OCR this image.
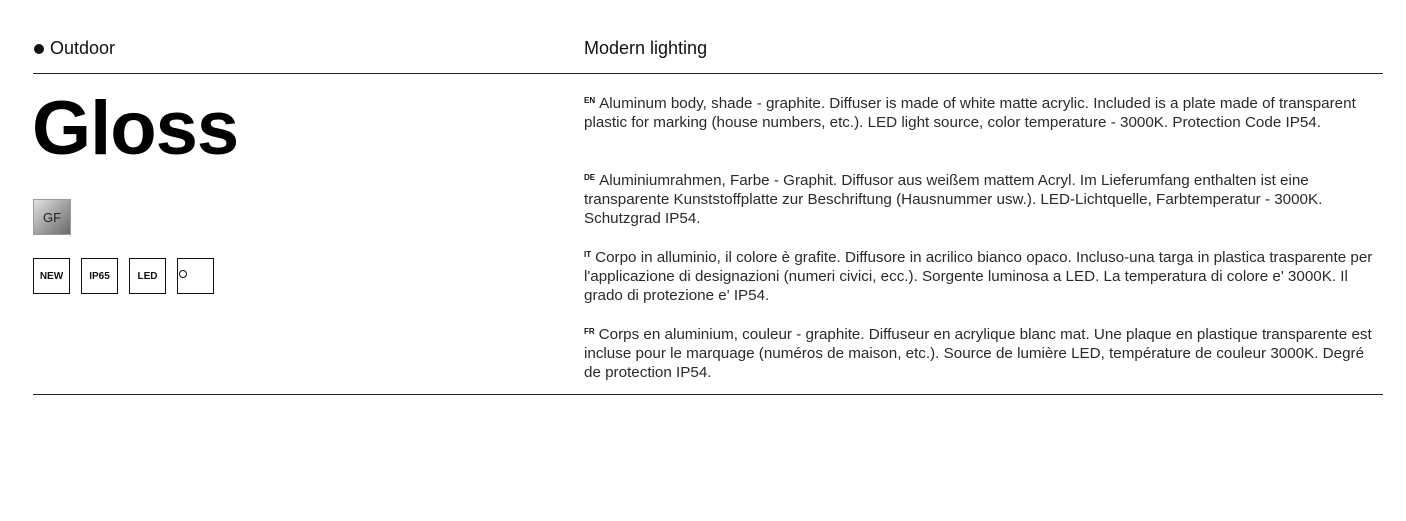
Outdoor	Modern lighting
Gloss
GF
NEW	IP65	LED

$^{EN}$ Aluminum body, shade - graphite. Diffuser is made of white matte acrylic. Included is a plate made of transparent plastic for marking (house numbers, etc.). LED light source, color temperature - 3000K. Protection Code IP54.

$^{DE}$ Aluminiumrahmen, Farbe - Graphit. Diffusor aus weißem mattem Acryl. Im Lieferumfang enthalten ist eine transparente Kunststoffplatte zur Beschriftung (Hausnummer usw.). LED-Lichtquelle, Farbtemperatur - 3000K. Schutzgrad IP54.

$^{IT}$ Corpo in alluminio, il colore è grafite. Diffusore in acrilico bianco opaco. Incluso-una targa in plastica trasparente per l'applicazione di designazioni (numeri civici, ecc.). Sorgente luminosa a LED. La temperatura di colore e' 3000K. Il grado di protezione e' IP54.

$^{FR}$ Corps en aluminium, couleur - graphite. Diffuseur en acrylique blanc mat. Une plaque en plastique transparente est incluse pour le marquage (numéros de maison, etc.). Source de lumière LED, température de couleur 3000K. Degré de protection IP54.
